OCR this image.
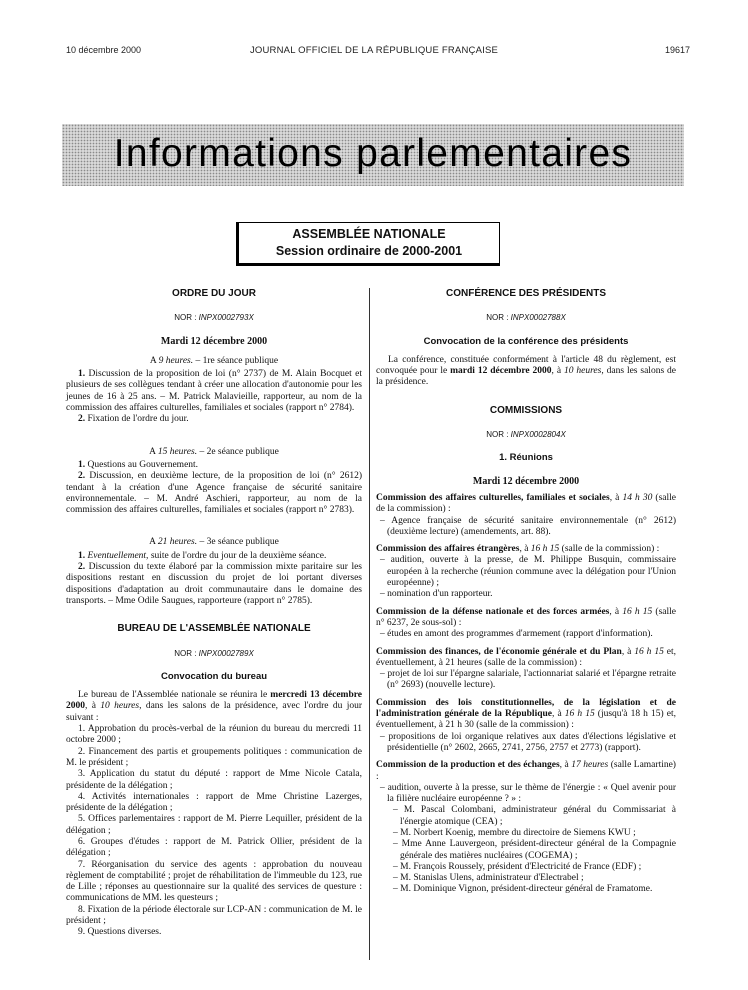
10 décembre 2000	JOURNAL OFFICIEL DE LA RÉPUBLIQUE FRANÇAISE	19617
Informations parlementaires
ASSEMBLÉE NATIONALE
Session ordinaire de 2000-2001
ORDRE DU JOUR
NOR : INPX0002793X
Mardi 12 décembre 2000
A 9 heures. – 1re séance publique

1. Discussion de la proposition de loi (n° 2737) de M. Alain Bocquet et plusieurs de ses collègues tendant à créer une allocation d'autonomie pour les jeunes de 16 à 25 ans. – M. Patrick Malavieille, rapporteur, au nom de la commission des affaires culturelles, familiales et sociales (rapport n° 2784).

2. Fixation de l'ordre du jour.

A 15 heures. – 2e séance publique

1. Questions au Gouvernement.

2. Discussion, en deuxième lecture, de la proposition de loi (n° 2612) tendant à la création d'une Agence française de sécurité sanitaire environnementale. – M. André Aschieri, rapporteur, au nom de la commission des affaires culturelles, familiales et sociales (rapport n° 2783).

A 21 heures. – 3e séance publique

1. Eventuellement, suite de l'ordre du jour de la deuxième séance.

2. Discussion du texte élaboré par la commission mixte paritaire sur les dispositions restant en discussion du projet de loi portant diverses dispositions d'adaptation au droit communautaire dans le domaine des transports. – Mme Odile Saugues, rapporteure (rapport n° 2785).

BUREAU DE L'ASSEMBLÉE NATIONALE
NOR : INPX0002789X
Convocation du bureau

Le bureau de l'Assemblée nationale se réunira le mercredi 13 décembre 2000, à 10 heures, dans les salons de la présidence, avec l'ordre du jour suivant :

1. Approbation du procès-verbal de la réunion du bureau du mercredi 11 octobre 2000 ;

2. Financement des partis et groupements politiques : communication de M. le président ;

3. Application du statut du député : rapport de Mme Nicole Catala, présidente de la délégation ;

4. Activités internationales : rapport de Mme Christine Lazerges, présidente de la délégation ;

5. Offices parlementaires : rapport de M. Pierre Lequiller, président de la délégation ;

6. Groupes d'études : rapport de M. Patrick Ollier, président de la délégation ;

7. Réorganisation du service des agents : approbation du nouveau règlement de comptabilité ; projet de réhabilitation de l'immeuble du 123, rue de Lille ; réponses au questionnaire sur la qualité des services de questure : communications de MM. les questeurs ;

8. Fixation de la période électorale sur LCP-AN : communication de M. le président ;

9. Questions diverses.

CONFÉRENCE DES PRÉSIDENTS
NOR : INPX0002788X
Convocation de la conférence des présidents

La conférence, constituée conformément à l'article 48 du règlement, est convoquée pour le mardi 12 décembre 2000, à 10 heures, dans les salons de la présidence.

COMMISSIONS
NOR : INPX0002804X
1. Réunions
Mardi 12 décembre 2000

Commission des affaires culturelles, familiales et sociales, à 14 h 30 (salle de la commission) :

– Agence française de sécurité sanitaire environnementale (n° 2612) (deuxième lecture) (amendements, art. 88).

Commission des affaires étrangères, à 16 h 15 (salle de la commission) :

– audition, ouverte à la presse, de M. Philippe Busquin, commissaire européen à la recherche (réunion commune avec la délégation pour l'Union européenne) ;

– nomination d'un rapporteur.

Commission de la défense nationale et des forces armées, à 16 h 15 (salle n° 6237, 2e sous-sol) :

– études en amont des programmes d'armement (rapport d'information).

Commission des finances, de l'économie générale et du Plan, à 16 h 15 et, éventuellement, à 21 heures (salle de la commission) :

– projet de loi sur l'épargne salariale, l'actionnariat salarié et l'épargne retraite (n° 2693) (nouvelle lecture).

Commission des lois constitutionnelles, de la législation et de l'administration générale de la République, à 16 h 15 (jusqu'à 18 h 15) et, éventuellement, à 21 h 30 (salle de la commission) :

– propositions de loi organique relatives aux dates d'élections législative et présidentielle (n° 2602, 2665, 2741, 2756, 2757 et 2773) (rapport).

Commission de la production et des échanges, à 17 heures (salle Lamartine) :

– audition, ouverte à la presse, sur le thème de l'énergie : « Quel avenir pour la filière nucléaire européenne ? » :

– M. Pascal Colombani, administrateur général du Commissariat à l'énergie atomique (CEA) ;

– M. Norbert Koenig, membre du directoire de Siemens KWU ;

– Mme Anne Lauvergeon, président-directeur général de la Compagnie générale des matières nucléaires (COGEMA) ;

– M. François Roussely, président d'Electricité de France (EDF) ;

– M. Stanislas Ulens, administrateur d'Electrabel ;

– M. Dominique Vignon, président-directeur général de Framatome.
